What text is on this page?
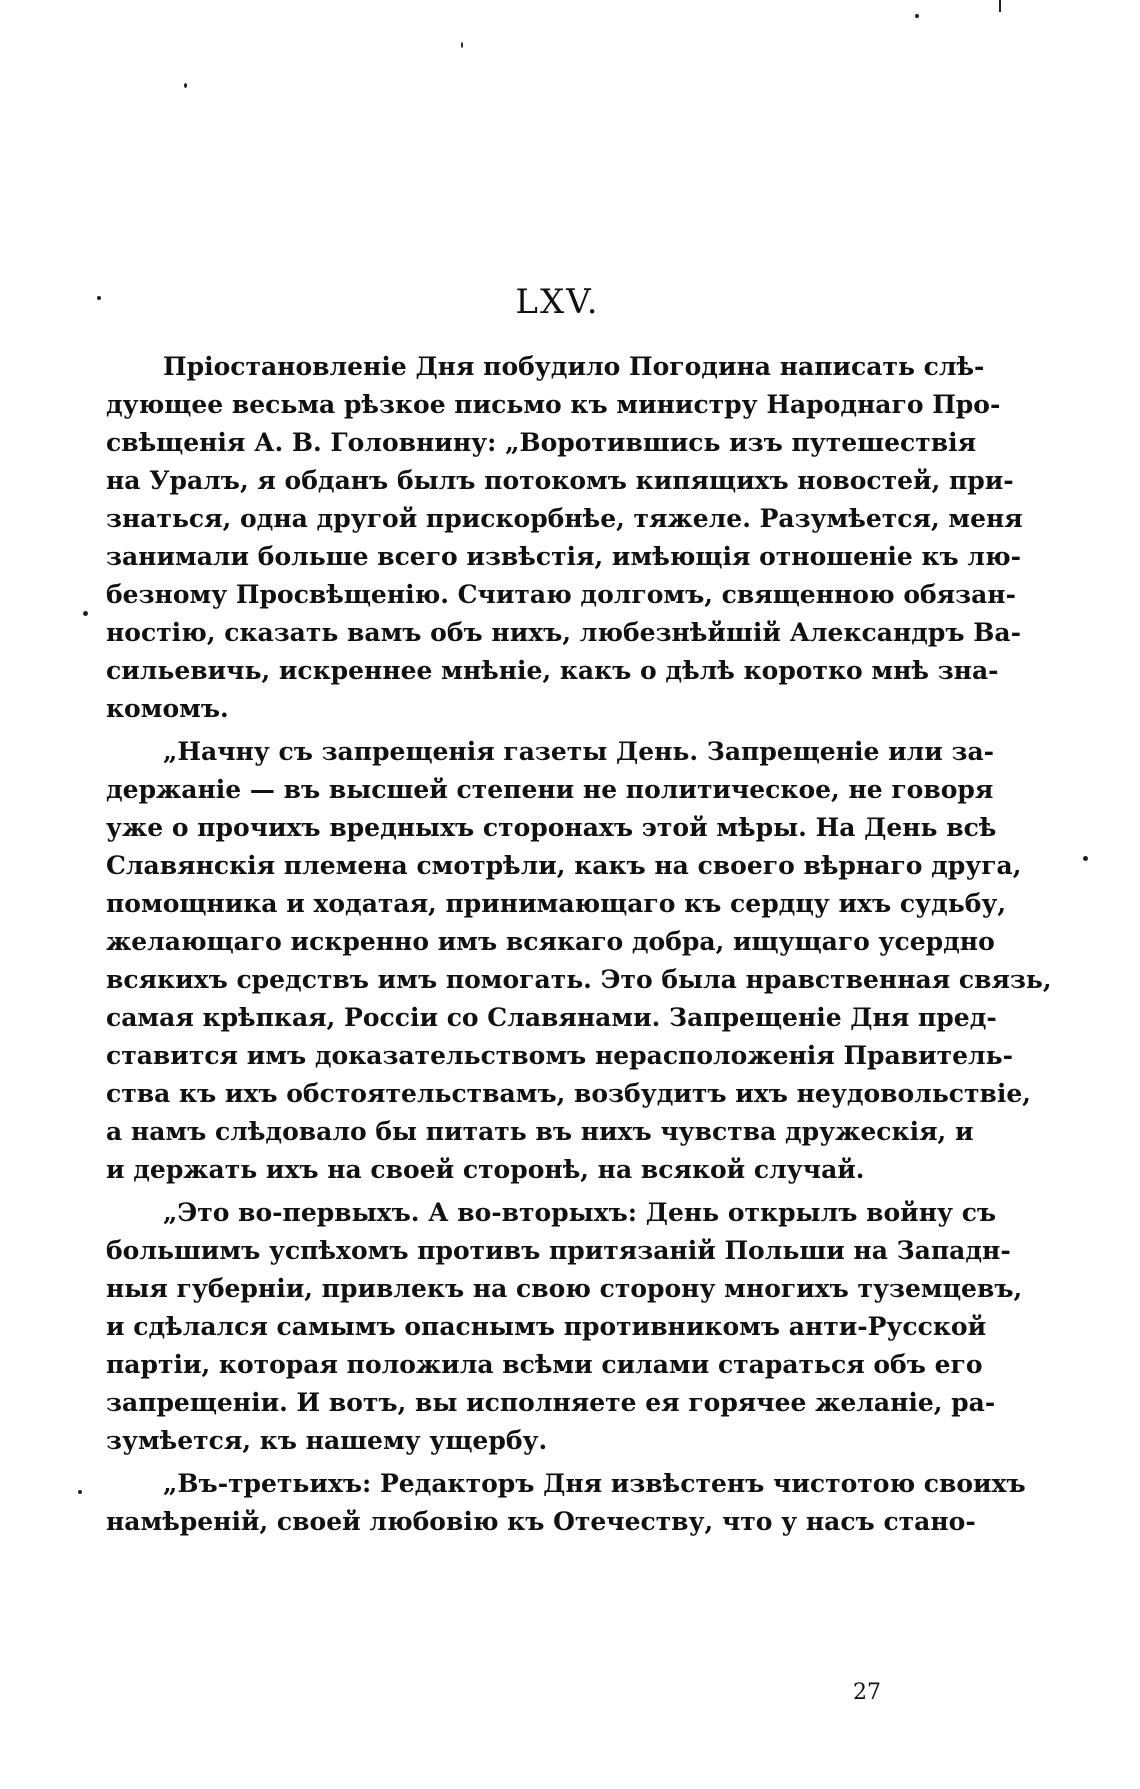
LXV.
Пріостановленіе Дня побудило Погодина написать слѣ-
дующее весьма рѣзкое письмо къ министру Народнаго Про-
свѣщенія А. В. Головнину: „Воротившись изъ путешествія
на Уралъ, я обданъ былъ потокомъ кипящихъ новостей, при-
знаться, одна другой прискорбнѣе, тяжеле. Разумѣется, меня
занимали больше всего извѣстія, имѣющія отношеніе къ лю-
безному Просвѣщенію. Считаю долгомъ, священною обязан-
ностію, сказать вамъ объ нихъ, любезнѣйшій Александръ Ва-
сильевичь, искреннее мнѣніе, какъ о дѣлѣ коротко мнѣ зна-
комомъ.
„Начну съ запрещенія газеты День. Запрещеніе или за-
держаніе — въ высшей степени не политическое, не говоря
уже о прочихъ вредныхъ сторонахъ этой мѣры. На День всѣ
Славянскія племена смотрѣли, какъ на своего вѣрнаго друга,
помощника и ходатая, принимающаго къ сердцу ихъ судьбу,
желающаго искренно имъ всякаго добра, ищущаго усердно
всякихъ средствъ имъ помогать. Это была нравственная связь,
самая крѣпкая, Россіи со Славянами. Запрещеніе Дня пред-
ставится имъ доказательствомъ нерасположенія Правитель-
ства къ ихъ обстоятельствамъ, возбудитъ ихъ неудовольствіе,
а намъ слѣдовало бы питать въ нихъ чувства дружескія, и
и держать ихъ на своей сторонѣ, на всякой случай.
„Это во-первыхъ. А во-вторыхъ: День открылъ войну съ
большимъ успѣхомъ противъ притязаній Польши на Западн-
ныя губерніи, привлекъ на свою сторону многихъ туземцевъ,
и сдѣлался самымъ опаснымъ противникомъ анти-Русской
партіи, которая положила всѣми силами стараться объ его
запрещеніи. И вотъ, вы исполняете ея горячее желаніе, ра-
зумѣется, къ нашему ущербу.
„Въ-третьихъ: Редакторъ Дня извѣстенъ чистотою своихъ
намѣреній, своей любовію къ Отечеству, что у насъ стано-
27
